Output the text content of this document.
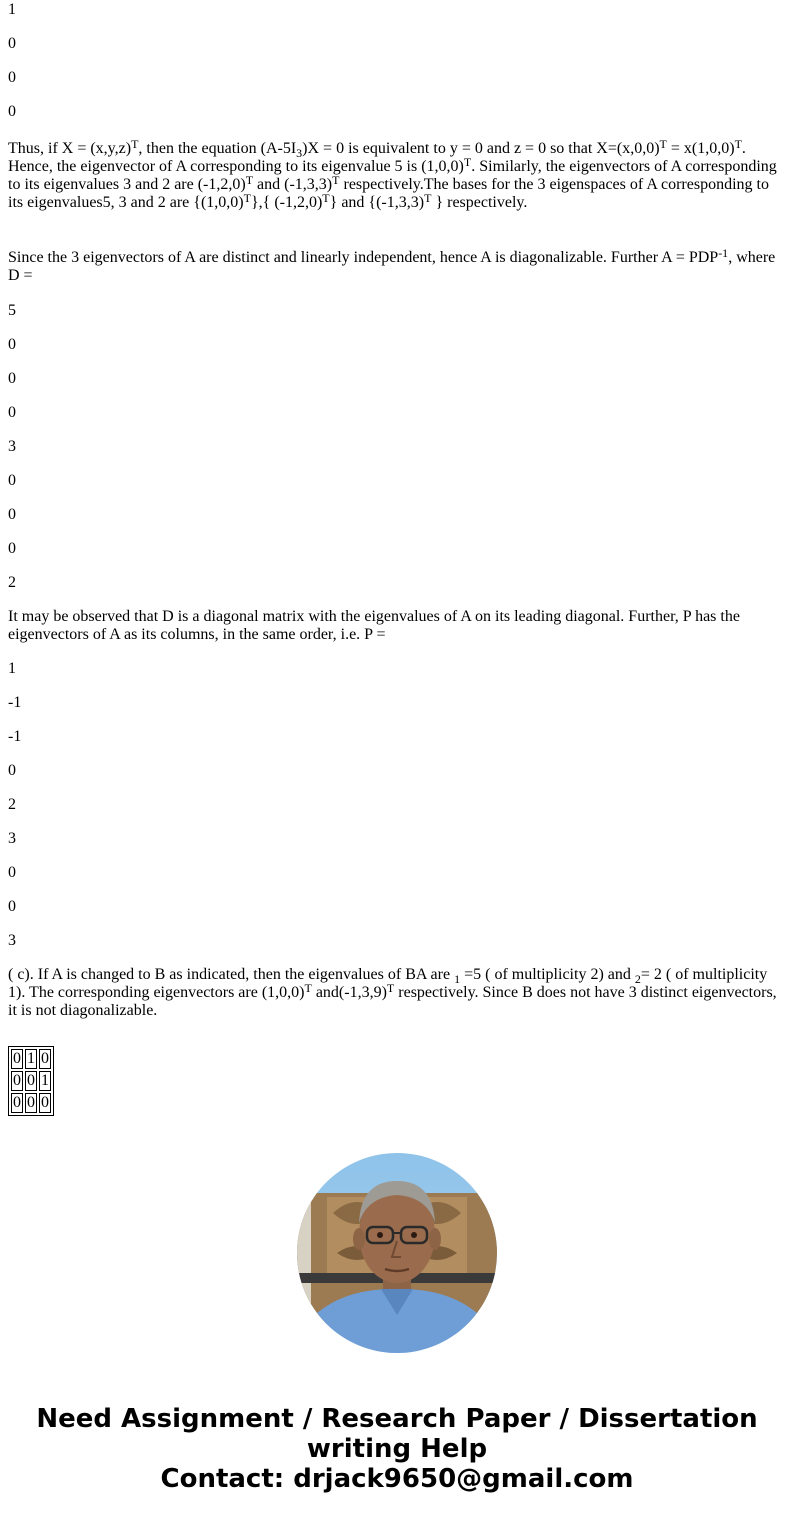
1

0

0

0

Thus, if $X = (x,y,z)^T$, then the equation $(A-5I_3)X = 0$ is equivalent to y = 0 and z = 0 so that $X=(x,0,0)^T = x(1,0,0)^T$. Hence, the eigenvector of A corresponding to its eigenvalue 5 is $(1,0,0)^T$. Similarly, the eigenvectors of A corresponding to its eigenvalues 3 and 2 are $(-1,2,0)^T$ and $(-1,3,3)^T$ respectively.The bases for the 3 eigenspaces of A corresponding to its eigenvalues5, 3 and 2 are $\{(1,0,0)^T\}$,{ $(-1,2,0)^T$} and {$(-1,3,3)^T$ } respectively.

Since the 3 eigenvectors of A are distinct and linearly independent, hence A is diagonalizable. Further $A = PDP^{-1}$, where D =

5

0

0

0

3

0

0

0

2

It may be observed that D is a diagonal matrix with the eigenvalues of A on its leading diagonal. Further, P has the eigenvectors of A as its columns, in the same order, i.e. P =

1

-1

-1

0

2

3

0

0

3

( c). If A is changed to B as indicated, then the eigenvalues of BA are $_1$ =5 ( of multiplicity 2) and $_2$= 2 ( of multiplicity 1). The corresponding eigenvectors are $(1,0,0)^T$ $and(-1,3,9)^T$ respectively. Since B does not have 3 distinct eigenvectors, it is not diagonalizable.

0	1	0
0	0	1
0	0	0
Need Assignment / Research Paper / Dissertation
writing Help
Contact: drjack9650@gmail.com
